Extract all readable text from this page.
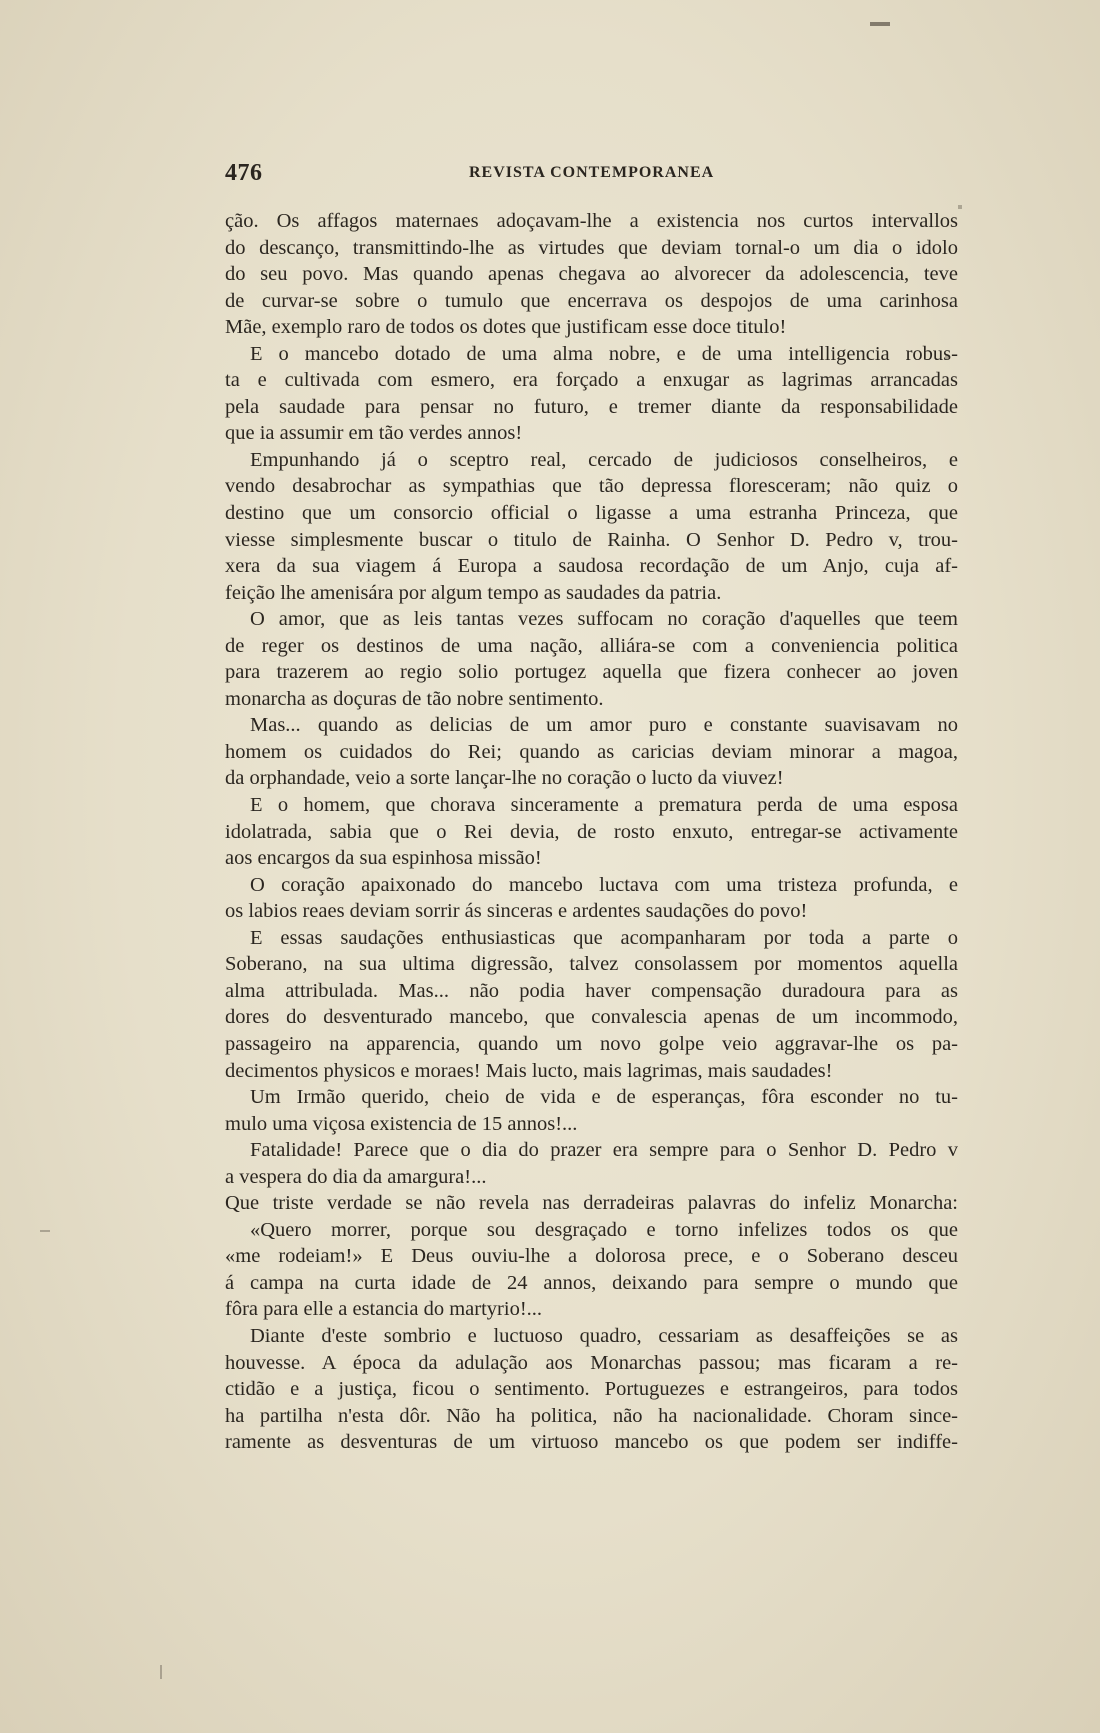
476	REVISTA CONTEMPORANEA
ção. Os affagos maternaes adoçavam-lhe a existencia nos curtos intervallos
do descanço, transmittindo-lhe as virtudes que deviam tornal-o um dia o idolo
do seu povo. Mas quando apenas chegava ao alvorecer da adolescencia, teve
de curvar-se sobre o tumulo que encerrava os despojos de uma carinhosa
Mãe, exemplo raro de todos os dotes que justificam esse doce titulo!
E o mancebo dotado de uma alma nobre, e de uma intelligencia robus-
ta e cultivada com esmero, era forçado a enxugar as lagrimas arrancadas
pela saudade para pensar no futuro, e tremer diante da responsabilidade
que ia assumir em tão verdes annos!
Empunhando já o sceptro real, cercado de judiciosos conselheiros, e
vendo desabrochar as sympathias que tão depressa floresceram; não quiz o
destino que um consorcio official o ligasse a uma estranha Princeza, que
viesse simplesmente buscar o titulo de Rainha. O Senhor D. Pedro v, trou-
xera da sua viagem á Europa a saudosa recordação de um Anjo, cuja af-
feição lhe amenisára por algum tempo as saudades da patria.
O amor, que as leis tantas vezes suffocam no coração d'aquelles que teem
de reger os destinos de uma nação, alliára-se com a conveniencia politica
para trazerem ao regio solio portugez aquella que fizera conhecer ao joven
monarcha as doçuras de tão nobre sentimento.
Mas... quando as delicias de um amor puro e constante suavisavam no
homem os cuidados do Rei; quando as caricias deviam minorar a magoa,
da orphandade, veio a sorte lançar-lhe no coração o lucto da viuvez!
E o homem, que chorava sinceramente a prematura perda de uma esposa
idolatrada, sabia que o Rei devia, de rosto enxuto, entregar-se activamente
aos encargos da sua espinhosa missão!
O coração apaixonado do mancebo luctava com uma tristeza profunda, e
os labios reaes deviam sorrir ás sinceras e ardentes saudações do povo!
E essas saudações enthusiasticas que acompanharam por toda a parte o
Soberano, na sua ultima digressão, talvez consolassem por momentos aquella
alma attribulada. Mas... não podia haver compensação duradoura para as
dores do desventurado mancebo, que convalescia apenas de um incommodo,
passageiro na apparencia, quando um novo golpe veio aggravar-lhe os pa-
decimentos physicos e moraes! Mais lucto, mais lagrimas, mais saudades!
Um Irmão querido, cheio de vida e de esperanças, fôra esconder no tu-
mulo uma viçosa existencia de 15 annos!...
Fatalidade! Parece que o dia do prazer era sempre para o Senhor D. Pedro v
a vespera do dia da amargura!...
Que triste verdade se não revela nas derradeiras palavras do infeliz Monarcha:
«Quero morrer, porque sou desgraçado e torno infelizes todos os que
«me rodeiam!» E Deus ouviu-lhe a dolorosa prece, e o Soberano desceu
á campa na curta idade de 24 annos, deixando para sempre o mundo que
fôra para elle a estancia do martyrio!...
Diante d'este sombrio e luctuoso quadro, cessariam as desaffeições se as
houvesse. A época da adulação aos Monarchas passou; mas ficaram a re-
ctidão e a justiça, ficou o sentimento. Portuguezes e estrangeiros, para todos
ha partilha n'esta dôr. Não ha politica, não ha nacionalidade. Choram since-
ramente as desventuras de um virtuoso mancebo os que podem ser indiffe-
